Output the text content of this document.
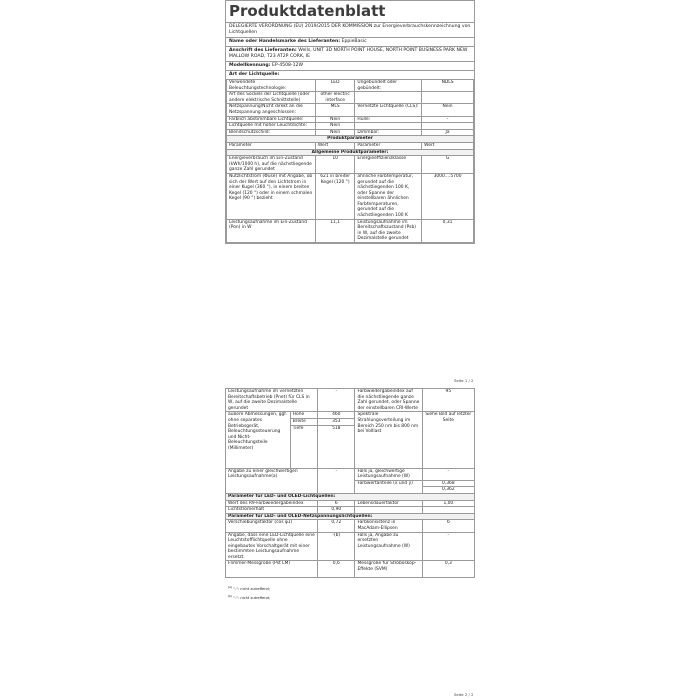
Produktdatenblatt
DELEGIERTE VERORDNUNG (EU) 2019/2015 DER KOMMISSION zur Energieverbrauchskennzeichnung von Lichtquellen
Name oder Handelsmarke des Lieferanten: EppieBasic
Anschrift des Lieferanten: Wells, UNIT 3D NORTH POINT HOUSE, NORTH POINT BUSINESS PARK NEW MALLOW ROAD, T23 AT2P CORK, IE
Modellkennung: EP-4508-12W
Art der Lichtquelle:
Verwendete Beleuchtungstechnologie:	LED	Ungebündelt oder gebündelt:	NDLS
Art des Sockels der Lichtquelle (oder andere elektrische Schnittstelle)	other electric interface		
Netzspannung/Nicht direkt an die Netzspannung angeschlossen:	MLS	Vernetzte Lichtquelle (CLS):	Nein
Farblich abstimmbare Lichtquelle:	Nein	Hülle:	-
Lichtquelle mit hoher Leuchtdichte:	Nein		
Blendschutzschild:	Nein	Dimmbar:	Ja
Produktparameter			
Parameter	Wert	Parameter	Wert
Allgemeine Produktparameter:			
Energieverbrauch im Ein-Zustand (kWh/1000 h), auf die nächstliegende ganze Zahl gerundet	10	Energieeffizienzklasse	G
Nutzlichtstrom (Φuse) mit Angabe, ob sich der Wert auf den Lichtstrom in einer Kugel (360 °), in einem breiten Kegel (120 °) oder in einem schmalen Kegel (90 °) bezieht	621 in breiter Kegel (120 °)	ähnliche Farbtemperatur, gerundet auf die nächstliegenden 100 K, oder Spanne der einstellbaren ähnlichen Farbtemperaturen, gerundet auf die nächstliegenden 100 K	3000....5700
Leistungsaufnahme im Ein-Zustand (Pon) in W	11,1	Leistungsaufnahme im Bereitschaftszustand (Psb) in W, auf die zweite Dezimalstelle gerundet	0,31
Seite 1 / 2
Leistungsaufnahme im vernetzten Bereitschaftsbetrieb (Pnet) für CLS in W, auf die zweite Dezimalstelle gerundet		-	Farbwiedergabeindex auf die nächstliegende ganze Zahl gerundet, oder Spanne der einstellbaren CRI-Werte	95
äußere Abmessungen, ggf. ohne separates Betriebsgerät, Beleuchtungssteuerung und Nicht-Beleuchtungsteile (Millimeter)	Höhe	460	Spektrale Strahlungsverteilung im Bereich 250 nm bis 800 nm bei Volllast	Siehe Bild auf letzter Seite
	Breite	353		
	Tiefe	518		
Angabe zu einer gleichwertigen Leistungsaufnahme(a)		-	Falls ja, gleichwertige Leistungsaufnahme (W)	-
			Farbwertanteile (x und y)	0,368
				0,362
Parameter für LED- und OLED-Lichtquellen:				
Wert des R9-Farbwiedergabeindex		6	Lebensdauerfaktor	1,00
Lichtstromerhalt		0,90		
Parameter für LED- und OLED-Netzspannungslichtquellen:				
Verschiebungsfaktor (cos φ1)		0,72	Farbkonsistenz in MacAdam-Ellipsen	6
Angabe, dass eine LED-Lichtquelle eine Leuchtstofflichtquelle ohne eingebautes Vorschaltgerät mit einer bestimmten Leistungsaufnahme ersetzt.		-(b)	Falls ja, Angabe zu ersetzten Leistungsaufnahme (W)	-
Flimmer-Messgröße (Pst LM)		0,6	Messgröße für Stroboskop-Effekte (SVM)	0,3
$^{(a)}$ "-": nicht zutreffend;
$^{(b)}$ "-": nicht zutreffend;
Seite 2 / 2
